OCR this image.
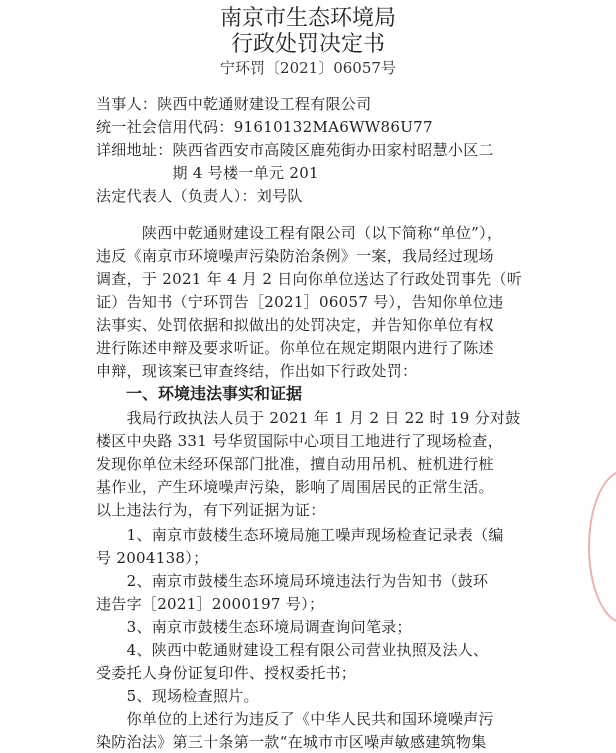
南京市生态环境局
行政处罚决定书
宁环罚〔2021〕06057号
当事人：陕西中乾通财建设工程有限公司
统一社会信用代码：91610132MA6WW86U77
详细地址：陕西省西安市高陵区鹿苑街办田家村昭慧小区二
　　　　　期 4 号楼一单元 201
法定代表人（负责人）：刘号队
　　　陕西中乾通财建设工程有限公司（以下简称“单位”），
违反《南京市环境噪声污染防治条例》一案，我局经过现场
调查，于 2021 年 4 月 2 日向你单位送达了行政处罚事先（听
证）告知书（宁环罚告［2021］06057 号），告知你单位违
法事实、处罚依据和拟做出的处罚决定，并告知你单位有权
进行陈述申辩及要求听证。你单位在规定期限内进行了陈述
申辩，现该案已审查终结，作出如下行政处罚：
一、环境违法事实和证据
　　我局行政执法人员于 2021 年 1 月 2 日 22 时 19 分对鼓
楼区中央路 331 号华贸国际中心项目工地进行了现场检查，
发现你单位未经环保部门批准，擅自动用吊机、桩机进行桩
基作业，产生环境噪声污染，影响了周围居民的正常生活。
以上违法行为，有下列证据为证：
　　1、南京市鼓楼生态环境局施工噪声现场检查记录表（编
号 2004138）；
　　2、南京市鼓楼生态环境局环境违法行为告知书（鼓环
违告字［2021］2000197 号）；
　　3、南京市鼓楼生态环境局调查询问笔录；
　　4、陕西中乾通财建设工程有限公司营业执照及法人、
受委托人身份证复印件、授权委托书；
　　5、现场检查照片。
　　你单位的上述行为违反了《中华人民共和国环境噪声污
染防治法》第三十条第一款“在城市市区噪声敏感建筑物集
